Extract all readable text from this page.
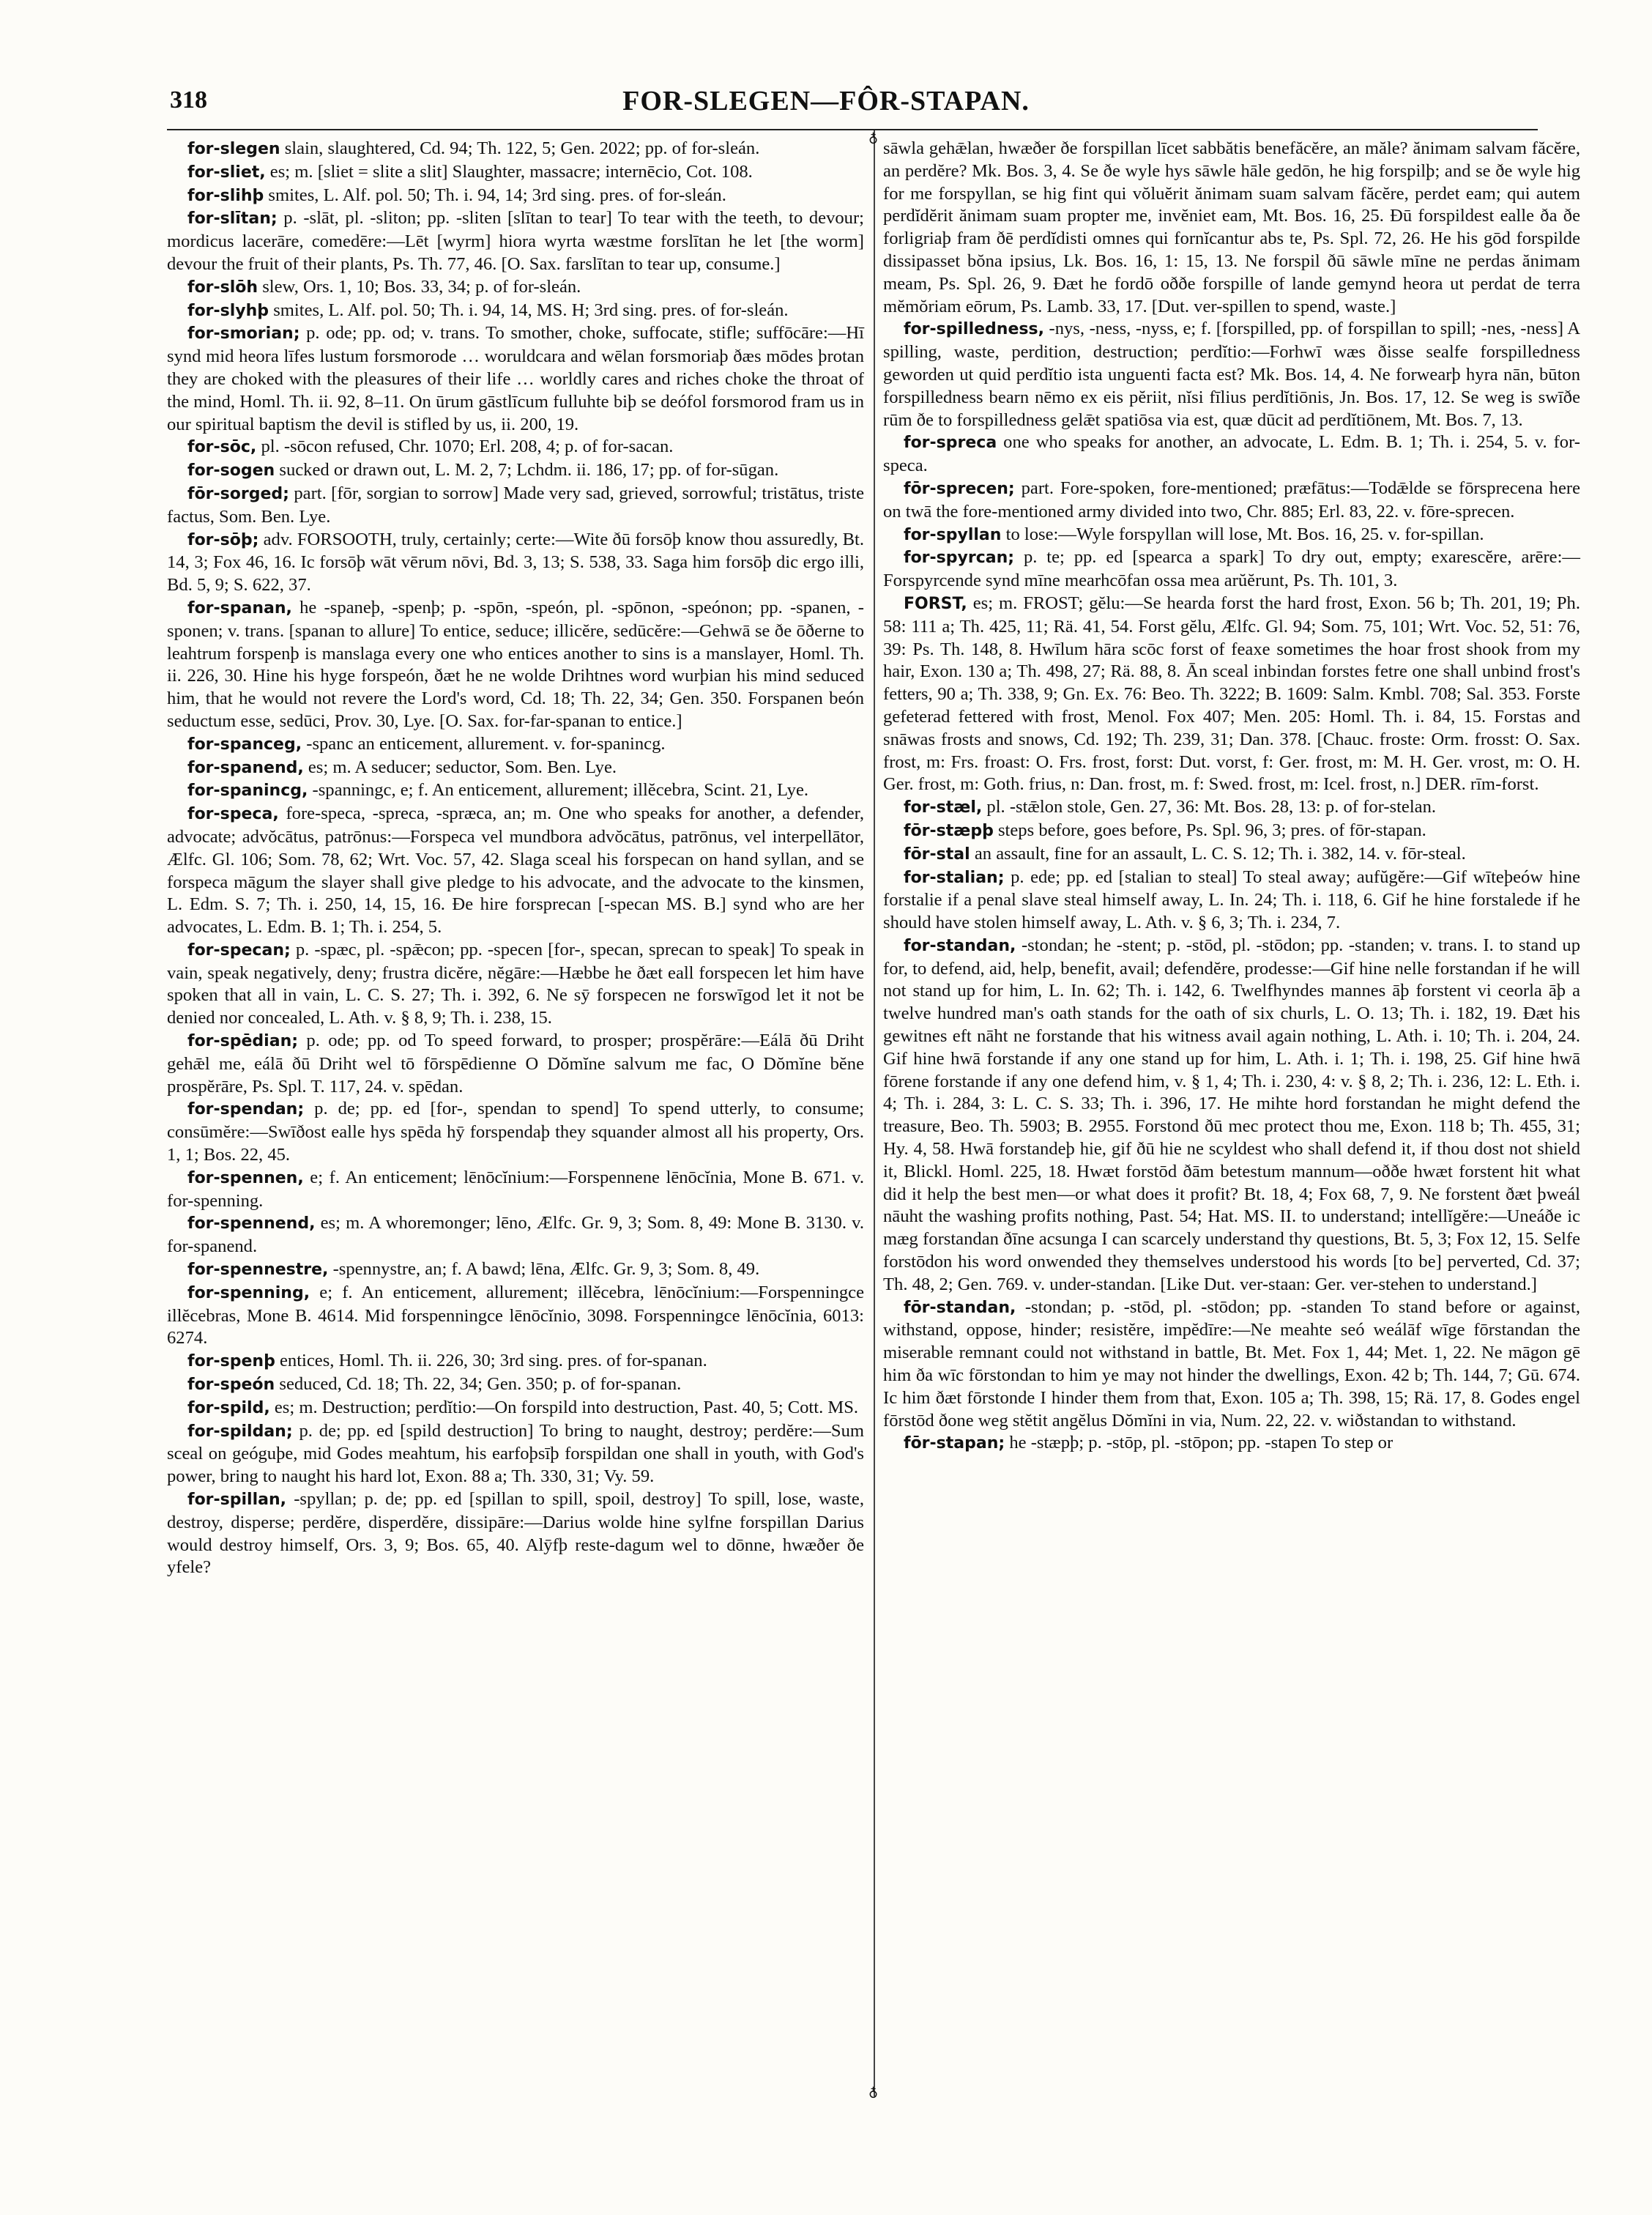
318	FOR-SLEGEN—FÔR-STAPAN.
♁
♁

for-slegen slain, slaughtered, Cd. 94; Th. 122, 5; Gen. 2022; pp. of for-sleán.

for-sliet, es; m. [sliet = slite a slit] Slaughter, massacre; internēcio, Cot. 108.

for-slihþ smites, L. Alf. pol. 50; Th. i. 94, 14; 3rd sing. pres. of for-sleán.

for-slītan; p. -slāt, pl. -sliton; pp. -sliten [slītan to tear] To tear with the teeth, to devour; mordicus lacerāre, comedēre:—Lēt [wyrm] hiora wyrta wæstme forslītan he let [the worm] devour the fruit of their plants, Ps. Th. 77, 46. [O. Sax. farslītan to tear up, consume.]

for-slōh slew, Ors. 1, 10; Bos. 33, 34; p. of for-sleán.

for-slyhþ smites, L. Alf. pol. 50; Th. i. 94, 14, MS. H; 3rd sing. pres. of for-sleán.

for-smorian; p. ode; pp. od; v. trans. To smother, choke, suffocate, stifle; suffōcāre:—Hī synd mid heora līfes lustum forsmorode … woruldcara and wēlan forsmoriaþ ðæs mōdes þrotan they are choked with the pleasures of their life … worldly cares and riches choke the throat of the mind, Homl. Th. ii. 92, 8–11. On ūrum gāstlīcum fulluhte biþ se deófol forsmorod fram us in our spiritual baptism the devil is stifled by us, ii. 200, 19.

for-sōc, pl. -sōcon refused, Chr. 1070; Erl. 208, 4; p. of for-sacan.

for-sogen sucked or drawn out, L. M. 2, 7; Lchdm. ii. 186, 17; pp. of for-sūgan.

fōr-sorged; part. [fōr, sorgian to sorrow] Made very sad, grieved, sorrowful; tristātus, triste factus, Som. Ben. Lye.

for-sōþ; adv. FORSOOTH, truly, certainly; certe:—Wite ðū forsōþ know thou assuredly, Bt. 14, 3; Fox 46, 16. Ic forsōþ wāt vērum nōvi, Bd. 3, 13; S. 538, 33. Saga him forsōþ dic ergo illi, Bd. 5, 9; S. 622, 37.

for-spanan, he -spaneþ, -spenþ; p. -spōn, -speón, pl. -spōnon, -speónon; pp. -spanen, -sponen; v. trans. [spanan to allure] To entice, seduce; illicĕre, sedūcĕre:—Gehwā se ðe ōðerne to leahtrum forspenþ is manslaga every one who entices another to sins is a manslayer, Homl. Th. ii. 226, 30. Hine his hyge forspeón, ðæt he ne wolde Drihtnes word wurþian his mind seduced him, that he would not revere the Lord's word, Cd. 18; Th. 22, 34; Gen. 350. Forspanen beón seductum esse, sedūci, Prov. 30, Lye. [O. Sax. for-far-spanan to entice.]

for-spanceg, -spanc an enticement, allurement. v. for-spanincg.

for-spanend, es; m. A seducer; seductor, Som. Ben. Lye.

for-spanincg, -spanningc, e; f. An enticement, allurement; illĕcebra, Scint. 21, Lye.

for-speca, fore-speca, -spreca, -spræca, an; m. One who speaks for another, a defender, advocate; advŏcātus, patrōnus:—Forspeca vel mundbora advŏcātus, patrōnus, vel interpellātor, Ælfc. Gl. 106; Som. 78, 62; Wrt. Voc. 57, 42. Slaga sceal his forspecan on hand syllan, and se forspeca māgum the slayer shall give pledge to his advocate, and the advocate to the kinsmen, L. Edm. S. 7; Th. i. 250, 14, 15, 16. Ðe hire forsprecan [-specan MS. B.] synd who are her advocates, L. Edm. B. 1; Th. i. 254, 5.

for-specan; p. -spæc, pl. -spǣcon; pp. -specen [for-, specan, sprecan to speak] To speak in vain, speak negatively, deny; frustra dicĕre, nĕgāre:—Hæbbe he ðæt eall forspecen let him have spoken that all in vain, L. C. S. 27; Th. i. 392, 6. Ne sȳ forspecen ne forswīgod let it not be denied nor concealed, L. Ath. v. § 8, 9; Th. i. 238, 15.

for-spēdian; p. ode; pp. od To speed forward, to prosper; prospĕrāre:—Eálā ðū Driht gehǣl me, eálā ðū Driht wel tō fōrspēdienne O Dŏmĭne salvum me fac, O Dŏmĭne bĕne prospĕrāre, Ps. Spl. T. 117, 24. v. spēdan.

for-spendan; p. de; pp. ed [for-, spendan to spend] To spend utterly, to consume; consūmĕre:—Swīðost ealle hys spēda hȳ forspendaþ they squander almost all his property, Ors. 1, 1; Bos. 22, 45.

for-spennen, e; f. An enticement; lēnōcĭnium:—Forspennene lēnōcĭnia, Mone B. 671. v. for-spenning.

for-spennend, es; m. A whoremonger; lēno, Ælfc. Gr. 9, 3; Som. 8, 49: Mone B. 3130. v. for-spanend.

for-spennestre, -spennystre, an; f. A bawd; lēna, Ælfc. Gr. 9, 3; Som. 8, 49.

for-spenning, e; f. An enticement, allurement; illĕcebra, lēnōcĭnium:—Forspenningce illĕcebras, Mone B. 4614. Mid forspenningce lēnōcĭnio, 3098. Forspenningce lēnōcĭnia, 6013: 6274.

for-spenþ entices, Homl. Th. ii. 226, 30; 3rd sing. pres. of for-spanan.

for-speón seduced, Cd. 18; Th. 22, 34; Gen. 350; p. of for-spanan.

for-spild, es; m. Destruction; perdĭtio:—On forspild into destruction, Past. 40, 5; Cott. MS.

for-spildan; p. de; pp. ed [spild destruction] To bring to naught, destroy; perdĕre:—Sum sceal on geóguþe, mid Godes meahtum, his earfoþsīþ forspildan one shall in youth, with God's power, bring to naught his hard lot, Exon. 88 a; Th. 330, 31; Vy. 59.

for-spillan, -spyllan; p. de; pp. ed [spillan to spill, spoil, destroy] To spill, lose, waste, destroy, disperse; perdĕre, disperdĕre, dissipāre:—Darius wolde hine sylfne forspillan Darius would destroy himself, Ors. 3, 9; Bos. 65, 40. Alȳfþ reste-dagum wel to dōnne, hwæðer ðe yfele?

sāwla gehǣlan, hwæðer ðe forspillan līcet sabbătis benefăcĕre, an măle? ănimam salvam făcĕre, an perdĕre? Mk. Bos. 3, 4. Se ðe wyle hys sāwle hāle gedōn, he hig forspilþ; and se ðe wyle hig for me forspyllan, se hig fint qui vŏluĕrit ănimam suam salvam făcĕre, perdet eam; qui autem perdĭdĕrit ănimam suam propter me, invĕniet eam, Mt. Bos. 16, 25. Ðū forspildest ealle ða ðe forligriaþ fram ðē perdĭdisti omnes qui fornĭcantur abs te, Ps. Spl. 72, 26. He his gōd forspilde dissipasset bŏna ipsius, Lk. Bos. 16, 1: 15, 13. Ne forspil ðū sāwle mīne ne perdas ănimam meam, Ps. Spl. 26, 9. Ðæt he fordō oððe forspille of lande gemynd heora ut perdat de terra mĕmŏriam eōrum, Ps. Lamb. 33, 17. [Dut. ver-spillen to spend, waste.]

for-spilledness, -nys, -ness, -nyss, e; f. [forspilled, pp. of forspillan to spill; -nes, -ness] A spilling, waste, perdition, destruction; perdĭtio:—Forhwī wæs ðisse sealfe forspilledness geworden ut quid perdĭtio ista unguenti facta est? Mk. Bos. 14, 4. Ne forwearþ hyra nān, būton forspilledness bearn nēmo ex eis pĕriit, nĭsi fīlius perdĭtiōnis, Jn. Bos. 17, 12. Se weg is swīðe rūm ðe to forspilledness gelǣt spatiōsa via est, quæ dūcit ad perdĭtiōnem, Mt. Bos. 7, 13.

for-spreca one who speaks for another, an advocate, L. Edm. B. 1; Th. i. 254, 5. v. for-speca.

fōr-sprecen; part. Fore-spoken, fore-mentioned; præfātus:—Todǣlde se fōrsprecena here on twā the fore-mentioned army divided into two, Chr. 885; Erl. 83, 22. v. fōre-sprecen.

for-spyllan to lose:—Wyle forspyllan will lose, Mt. Bos. 16, 25. v. for-spillan.

for-spyrcan; p. te; pp. ed [spearca a spark] To dry out, empty; exarescĕre, arēre:—Forspyrcende synd mīne mearhcōfan ossa mea arŭĕrunt, Ps. Th. 101, 3.

FORST, es; m. FROST; gĕlu:—Se hearda forst the hard frost, Exon. 56 b; Th. 201, 19; Ph. 58: 111 a; Th. 425, 11; Rä. 41, 54. Forst gĕlu, Ælfc. Gl. 94; Som. 75, 101; Wrt. Voc. 52, 51: 76, 39: Ps. Th. 148, 8. Hwīlum hāra scōc forst of feaxe sometimes the hoar frost shook from my hair, Exon. 130 a; Th. 498, 27; Rä. 88, 8. Ān sceal inbindan forstes fetre one shall unbind frost's fetters, 90 a; Th. 338, 9; Gn. Ex. 76: Beo. Th. 3222; B. 1609: Salm. Kmbl. 708; Sal. 353. Forste gefeterad fettered with frost, Menol. Fox 407; Men. 205: Homl. Th. i. 84, 15. Forstas and snāwas frosts and snows, Cd. 192; Th. 239, 31; Dan. 378. [Chauc. froste: Orm. frosst: O. Sax. frost, m: Frs. froast: O. Frs. frost, forst: Dut. vorst, f: Ger. frost, m: M. H. Ger. vrost, m: O. H. Ger. frost, m: Goth. frius, n: Dan. frost, m. f: Swed. frost, m: Icel. frost, n.] DER. rīm-forst.

for-stæl, pl. -stǣlon stole, Gen. 27, 36: Mt. Bos. 28, 13: p. of for-stelan.

fōr-stæpþ steps before, goes before, Ps. Spl. 96, 3; pres. of fōr-stapan.

fōr-stal an assault, fine for an assault, L. C. S. 12; Th. i. 382, 14. v. fōr-steal.

for-stalian; p. ede; pp. ed [stalian to steal] To steal away; aufŭgĕre:—Gif wīteþeów hine forstalie if a penal slave steal himself away, L. In. 24; Th. i. 118, 6. Gif he hine forstalede if he should have stolen himself away, L. Ath. v. § 6, 3; Th. i. 234, 7.

for-standan, -stondan; he -stent; p. -stōd, pl. -stōdon; pp. -standen; v. trans. I. to stand up for, to defend, aid, help, benefit, avail; defendĕre, prodesse:—Gif hine nelle forstandan if he will not stand up for him, L. In. 62; Th. i. 142, 6. Twelfhyndes mannes āþ forstent vi ceorla āþ a twelve hundred man's oath stands for the oath of six churls, L. O. 13; Th. i. 182, 19. Ðæt his gewitnes eft nāht ne forstande that his witness avail again nothing, L. Ath. i. 10; Th. i. 204, 24. Gif hine hwā forstande if any one stand up for him, L. Ath. i. 1; Th. i. 198, 25. Gif hine hwā fōrene forstande if any one defend him, v. § 1, 4; Th. i. 230, 4: v. § 8, 2; Th. i. 236, 12: L. Eth. i. 4; Th. i. 284, 3: L. C. S. 33; Th. i. 396, 17. He mihte hord forstandan he might defend the treasure, Beo. Th. 5903; B. 2955. Forstond ðū mec protect thou me, Exon. 118 b; Th. 455, 31; Hy. 4, 58. Hwā forstandeþ hie, gif ðū hie ne scyldest who shall defend it, if thou dost not shield it, Blickl. Homl. 225, 18. Hwæt forstōd ðām betestum mannum—oððe hwæt forstent hit what did it help the best men—or what does it profit? Bt. 18, 4; Fox 68, 7, 9. Ne forstent ðæt þweál nāuht the washing profits nothing, Past. 54; Hat. MS. II. to understand; intellĭgĕre:—Uneáðe ic mæg forstandan ðīne acsunga I can scarcely understand thy questions, Bt. 5, 3; Fox 12, 15. Selfe forstōdon his word onwended they themselves understood his words [to be] perverted, Cd. 37; Th. 48, 2; Gen. 769. v. under-standan. [Like Dut. ver-staan: Ger. ver-stehen to understand.]

fōr-standan, -stondan; p. -stōd, pl. -stōdon; pp. -standen To stand before or against, withstand, oppose, hinder; resistĕre, impĕdīre:—Ne meahte seó weálāf wīge fōrstandan the miserable remnant could not withstand in battle, Bt. Met. Fox 1, 44; Met. 1, 22. Ne māgon gē him ða wīc fōrstondan to him ye may not hinder the dwellings, Exon. 42 b; Th. 144, 7; Gū. 674. Ic him ðæt fōrstonde I hinder them from that, Exon. 105 a; Th. 398, 15; Rä. 17, 8. Godes engel fōrstōd ðone weg stĕtit angĕlus Dŏmĭni in via, Num. 22, 22. v. wiðstandan to withstand.

fōr-stapan; he -stæpþ; p. -stōp, pl. -stōpon; pp. -stapen To step or
